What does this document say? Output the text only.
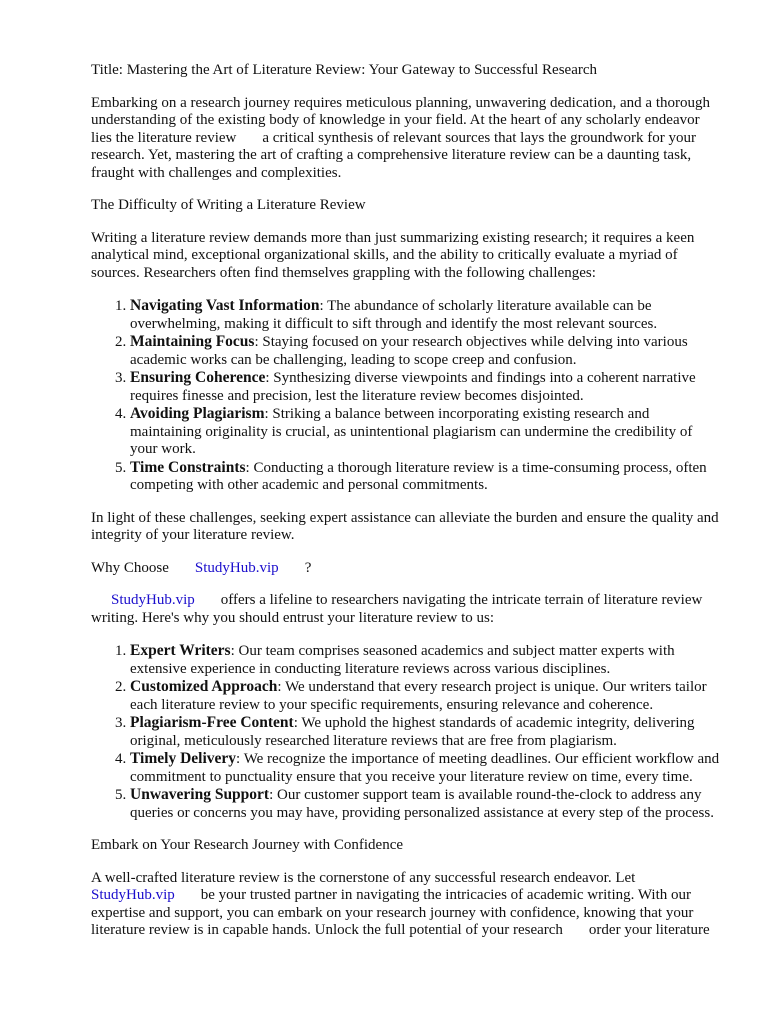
Title: Mastering the Art of Literature Review: Your Gateway to Successful Research

Embarking on a research journey requires meticulous planning, unwavering dedication, and a thorough understanding of the existing body of knowledge in your field. At the heart of any scholarly endeavor lies the literature review a critical synthesis of relevant sources that lays the groundwork for your research. Yet, mastering the art of crafting a comprehensive literature review can be a daunting task, fraught with challenges and complexities.

The Difficulty of Writing a Literature Review

Writing a literature review demands more than just summarizing existing research; it requires a keen analytical mind, exceptional organizational skills, and the ability to critically evaluate a myriad of sources. Researchers often find themselves grappling with the following challenges:

1. Navigating Vast Information: The abundance of scholarly literature available can be overwhelming, making it difficult to sift through and identify the most relevant sources.
2. Maintaining Focus: Staying focused on your research objectives while delving into various academic works can be challenging, leading to scope creep and confusion.
3. Ensuring Coherence: Synthesizing diverse viewpoints and findings into a coherent narrative requires finesse and precision, lest the literature review becomes disjointed.
4. Avoiding Plagiarism: Striking a balance between incorporating existing research and maintaining originality is crucial, as unintentional plagiarism can undermine the credibility of your work.
5. Time Constraints: Conducting a thorough literature review is a time-consuming process, often competing with other academic and personal commitments.

In light of these challenges, seeking expert assistance can alleviate the burden and ensure the quality and integrity of your literature review.

Why Choose StudyHub.vip ?

StudyHub.vip offers a lifeline to researchers navigating the intricate terrain of literature review writing. Here's why you should entrust your literature review to us:

1. Expert Writers: Our team comprises seasoned academics and subject matter experts with extensive experience in conducting literature reviews across various disciplines.
2. Customized Approach: We understand that every research project is unique. Our writers tailor each literature review to your specific requirements, ensuring relevance and coherence.
3. Plagiarism-Free Content: We uphold the highest standards of academic integrity, delivering original, meticulously researched literature reviews that are free from plagiarism.
4. Timely Delivery: We recognize the importance of meeting deadlines. Our efficient workflow and commitment to punctuality ensure that you receive your literature review on time, every time.
5. Unwavering Support: Our customer support team is available round-the-clock to address any queries or concerns you may have, providing personalized assistance at every step of the process.

Embark on Your Research Journey with Confidence

A well-crafted literature review is the cornerstone of any successful research endeavor. Let StudyHub.vip be your trusted partner in navigating the intricacies of academic writing. With our expertise and support, you can embark on your research journey with confidence, knowing that your literature review is in capable hands. Unlock the full potential of your research order your literature
